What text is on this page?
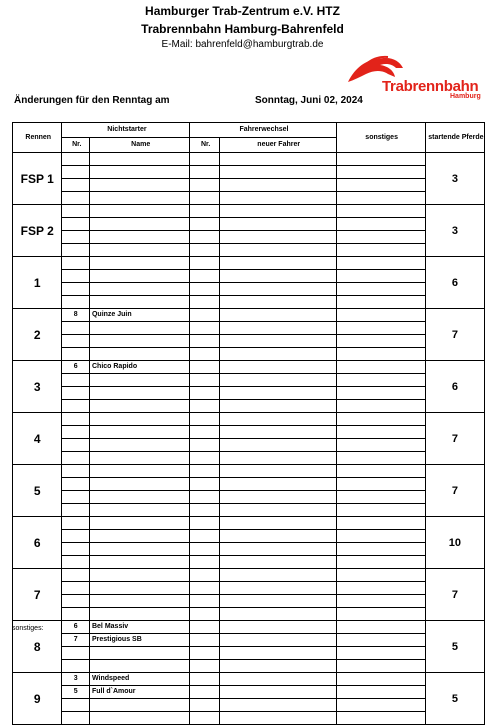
Hamburger Trab-Zentrum e.V. HTZ
Trabrennbahn Hamburg-Bahrenfeld
E-Mail: bahrenfeld@hamburgtrab.de
Trabrennbahn
Hamburg
Änderungen für den Renntag am	Sonntag, Juni 02, 2024
Rennen	Nichtstarter		Fahrerwechsel		sonstiges	startende Pferde
	Nr.	Name	Nr.	neuer Fahrer		
FSP 1						3

FSP 2						3

1						6

2	8	Quinze Juin				7

3	6	Chico Rapido				6

4						7

5						7

6						10

7						7

8	6	Bel Massiv				5
	7	Prestigious SB				

9	3	Windspeed				5
	5	Full d`Amour				

sonstiges:
